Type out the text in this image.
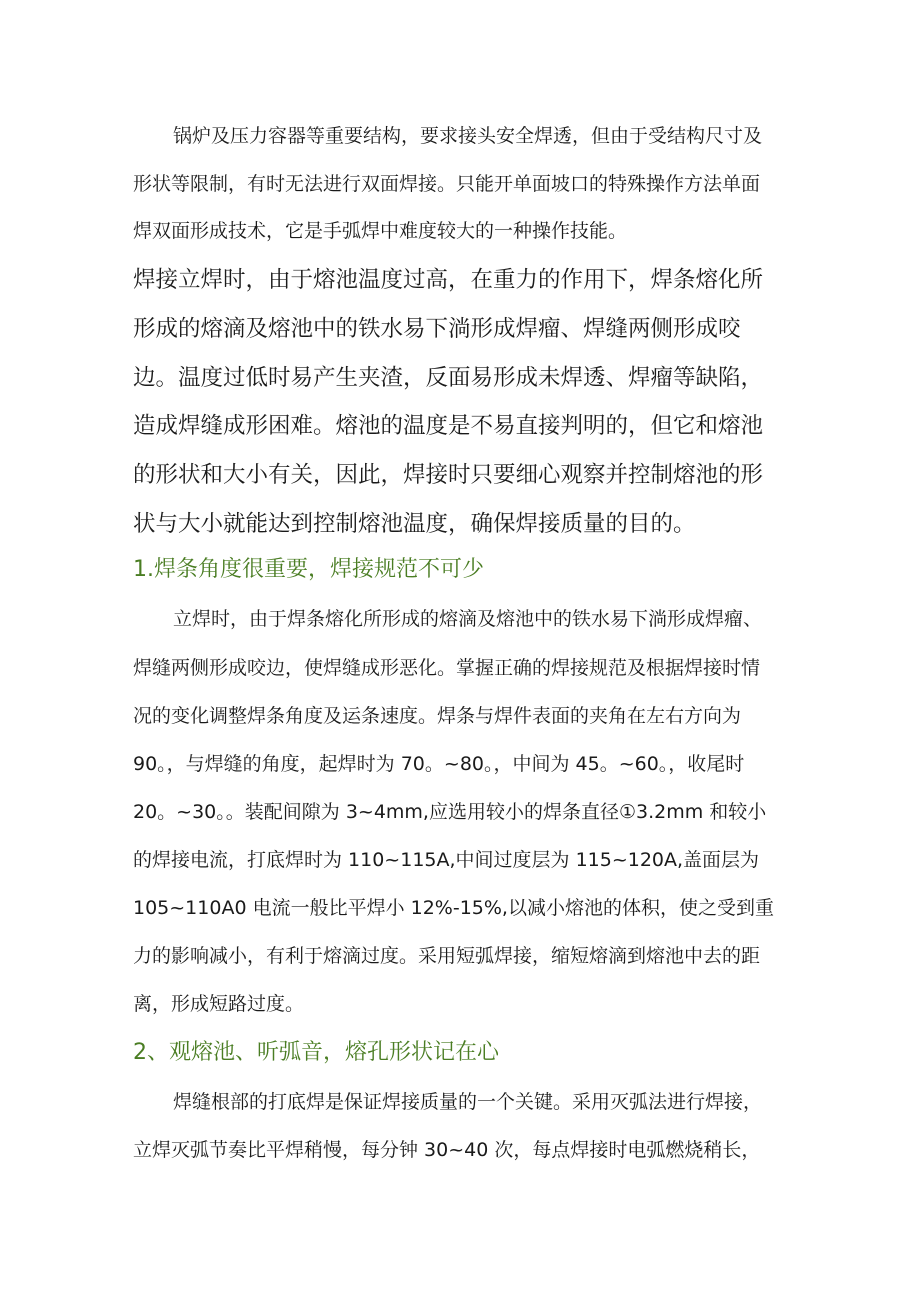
锅炉及压力容器等重要结构，要求接头安全焊透，但由于受结构尺寸及
形状等限制，有时无法进行双面焊接。只能开单面坡口的特殊操作方法单面
焊双面形成技术，它是手弧焊中难度较大的一种操作技能。
焊接立焊时，由于熔池温度过高，在重力的作用下，焊条熔化所
形成的熔滴及熔池中的铁水易下淌形成焊瘤、焊缝两侧形成咬
边。温度过低时易产生夹渣，反面易形成未焊透、焊瘤等缺陷，
造成焊缝成形困难。熔池的温度是不易直接判明的，但它和熔池
的形状和大小有关，因此，焊接时只要细心观察并控制熔池的形
状与大小就能达到控制熔池温度，确保焊接质量的目的。
1.焊条角度很重要，焊接规范不可少
立焊时，由于焊条熔化所形成的熔滴及熔池中的铁水易下淌形成焊瘤、
焊缝两侧形成咬边，使焊缝成形恶化。掌握正确的焊接规范及根据焊接时情
况的变化调整焊条角度及运条速度。焊条与焊件表面的夹角在左右方向为
90。，与焊缝的角度，起焊时为 70。~80。，中间为 45。~60。，收尾时
20。~30。。装配间隙为 3~4mm,应选用较小的焊条直径①3.2mm 和较小
的焊接电流，打底焊时为 110~115A,中间过度层为 115~120A,盖面层为
105~110A0 电流一般比平焊小 12%-15%,以减小熔池的体积，使之受到重
力的影响减小，有利于熔滴过度。采用短弧焊接，缩短熔滴到熔池中去的距
离，形成短路过度。
2、观熔池、听弧音，熔孔形状记在心
焊缝根部的打底焊是保证焊接质量的一个关键。采用灭弧法进行焊接，
立焊灭弧节奏比平焊稍慢，每分钟 30~40 次，每点焊接时电弧燃烧稍长，
